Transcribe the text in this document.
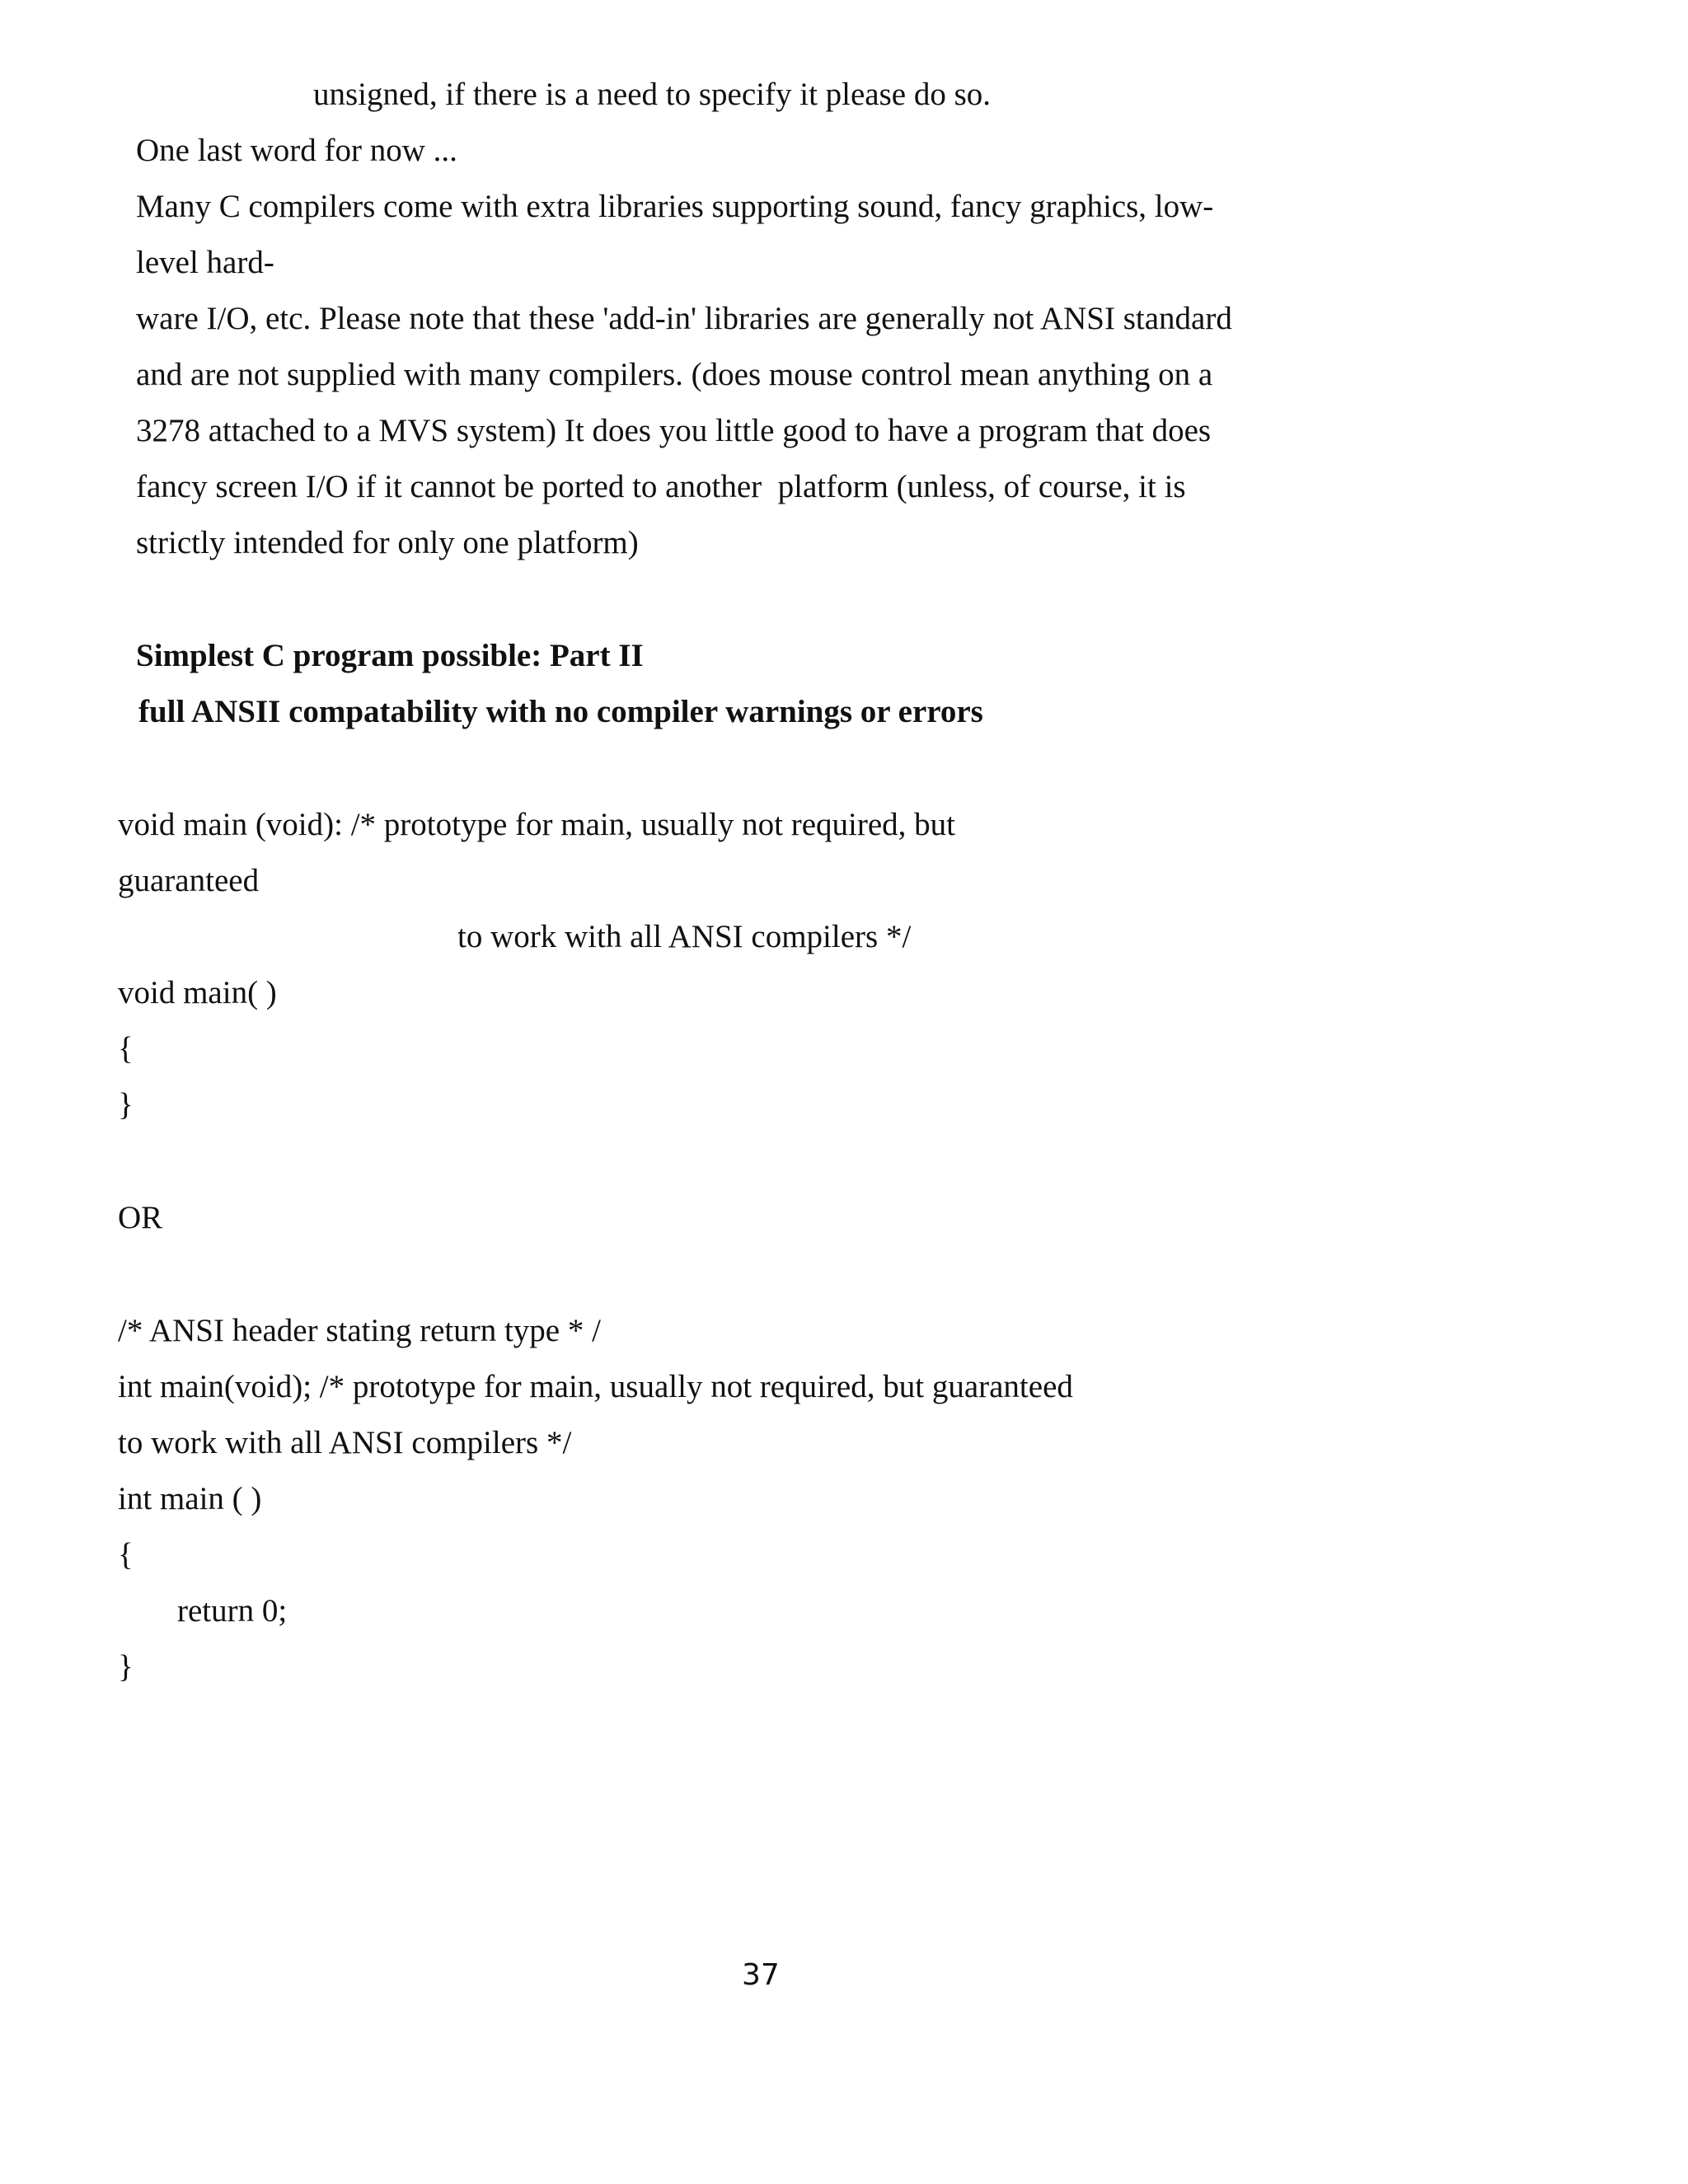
unsigned, if there is a need to specify it please do so.

One last word for now ...

Many C compilers come with extra libraries supporting sound, fancy graphics, low-

level hard-

ware I/O, etc. Please note that these 'add-in' libraries are generally not ANSI standard

and are not supplied with many compilers. (does mouse control mean anything on a

3278 attached to a MVS system) It does you little good to have a program that does

fancy screen I/O if it cannot be ported to another  platform (unless, of course, it is

strictly intended for only one platform)

Simplest C program possible: Part II

full ANSII compatability with no compiler warnings or errors

void main (void): /* prototype for main, usually not required, but

guaranteed

to work with all ANSI compilers */

void main( )

{

}

OR

/* ANSI header stating return type * /

int main(void); /* prototype for main, usually not required, but guaranteed

to work with all ANSI compilers */

int main ( )

{

return 0;

}

37
